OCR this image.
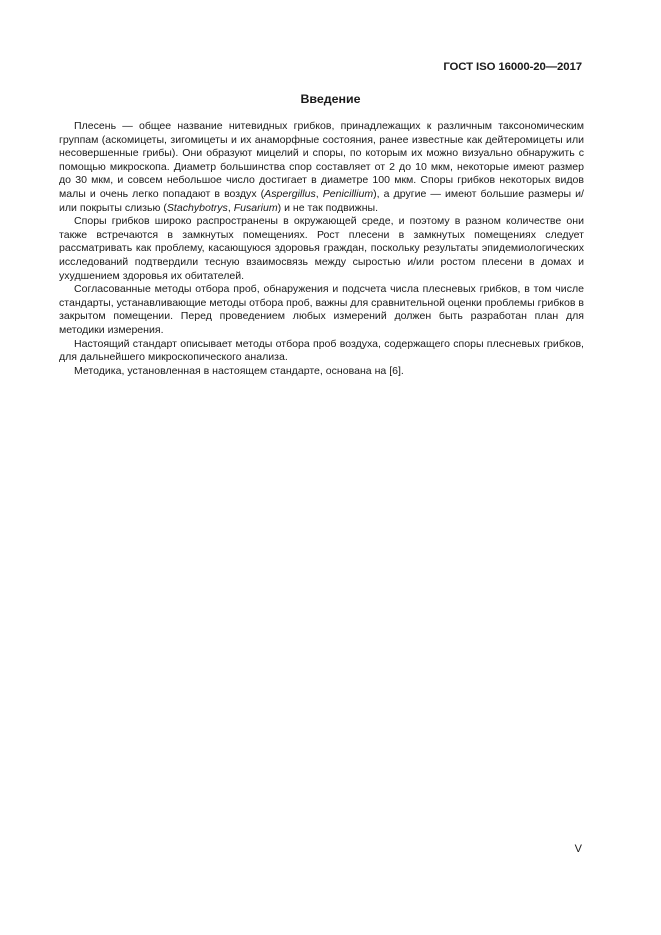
ГОСТ ISO 16000-20—2017
Введение

Плесень — общее название нитевидных грибков, принадлежащих к различным таксономическим группам (аскомицеты, зигомицеты и их анаморфные состояния, ранее известные как дейтеромицеты или несовершенные грибы). Они образуют мицелий и споры, по которым их можно визуально обнаружить с помощью микроскопа. Диаметр большинства спор составляет от 2 до 10 мкм, некоторые имеют размер до 30 мкм, и совсем небольшое число достигает в диаметре 100 мкм. Споры грибков некоторых видов малы и очень легко попадают в воздух (Aspergillus, Penicillium), а другие — имеют большие размеры и/или покрыты слизью (Stachybotrys, Fusarium) и не так подвижны.

Споры грибков широко распространены в окружающей среде, и поэтому в разном количестве они также встречаются в замкнутых помещениях. Рост плесени в замкнутых помещениях следует рассматривать как проблему, касающуюся здоровья граждан, поскольку результаты эпидемиологических исследований подтвердили тесную взаимосвязь между сыростью и/или ростом плесени в домах и ухудшением здоровья их обитателей.

Согласованные методы отбора проб, обнаружения и подсчета числа плесневых грибков, в том числе стандарты, устанавливающие методы отбора проб, важны для сравнительной оценки проблемы грибков в закрытом помещении. Перед проведением любых измерений должен быть разработан план для методики измерения.

Настоящий стандарт описывает методы отбора проб воздуха, содержащего споры плесневых грибков, для дальнейшего микроскопического анализа.

Методика, установленная в настоящем стандарте, основана на [6].

V
